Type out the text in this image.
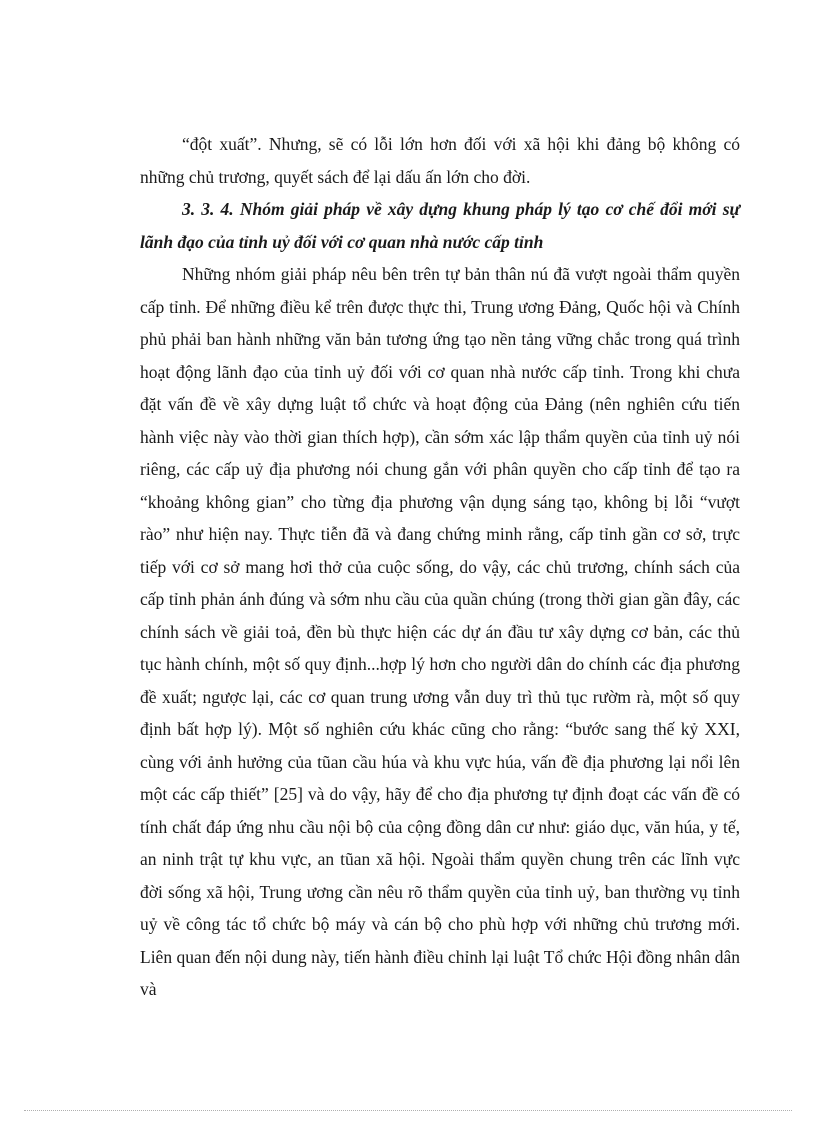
“đột xuất”. Nhưng, sẽ có lỗi lớn hơn đối với xã hội khi đảng bộ không có những chủ trương, quyết sách để lại dấu ấn lớn cho đời.

3. 3. 4. Nhóm giải pháp về xây dựng khung pháp lý tạo cơ chế đổi mới sự lãnh đạo của tỉnh uỷ đối với cơ quan nhà nước cấp tỉnh

Những nhóm giải pháp nêu bên trên tự bản thân nú đã vượt ngoài thẩm quyền cấp tỉnh. Để những điều kể trên được thực thi, Trung ương Đảng, Quốc hội và Chính phủ phải ban hành những văn bản tương ứng tạo nền tảng vững chắc trong quá trình hoạt động lãnh đạo của tỉnh uỷ đối với cơ quan nhà nước cấp tỉnh. Trong khi chưa đặt vấn đề về xây dựng luật tổ chức và hoạt động của Đảng (nên nghiên cứu tiến hành việc này vào thời gian thích hợp), cần sớm xác lập thẩm quyền của tỉnh uỷ nói riêng, các cấp uỷ địa phương nói chung gắn với phân quyền cho cấp tỉnh để tạo ra “khoảng không gian” cho từng địa phương vận dụng sáng tạo, không bị lỗi “vượt rào” như hiện nay. Thực tiễn đã và đang chứng minh rằng, cấp tỉnh gần cơ sở, trực tiếp với cơ sở mang hơi thở của cuộc sống, do vậy, các chủ trương, chính sách của cấp tỉnh phản ánh đúng và sớm nhu cầu của quần chúng (trong thời gian gần đây, các chính sách về giải toả, đền bù thực hiện các dự án đầu tư xây dựng cơ bản, các thủ tục hành chính, một số quy định...hợp lý hơn cho người dân do chính các địa phương đề xuất; ngược lại, các cơ quan trung ương vẫn duy trì thủ tục rườm rà, một số quy định bất hợp lý). Một số nghiên cứu khác cũng cho rằng: “bước sang thế kỷ XXI, cùng với ảnh hưởng của tũan cầu húa và khu vực húa, vấn đề địa phương lại nổi lên một các cấp thiết” [25] và do vậy, hãy để cho địa phương tự định đoạt các vấn đề có tính chất đáp ứng nhu cầu nội bộ của cộng đồng dân cư như: giáo dục, văn húa, y tế, an ninh trật tự khu vực, an tũan xã hội. Ngoài thẩm quyền chung trên các lĩnh vực đời sống xã hội, Trung ương cần nêu rõ thẩm quyền của tỉnh uỷ, ban thường vụ tỉnh uỷ về công tác tổ chức bộ máy và cán bộ cho phù hợp với những chủ trương mới. Liên quan đến nội dung này, tiến hành điều chỉnh lại luật Tổ chức Hội đồng nhân dân và
